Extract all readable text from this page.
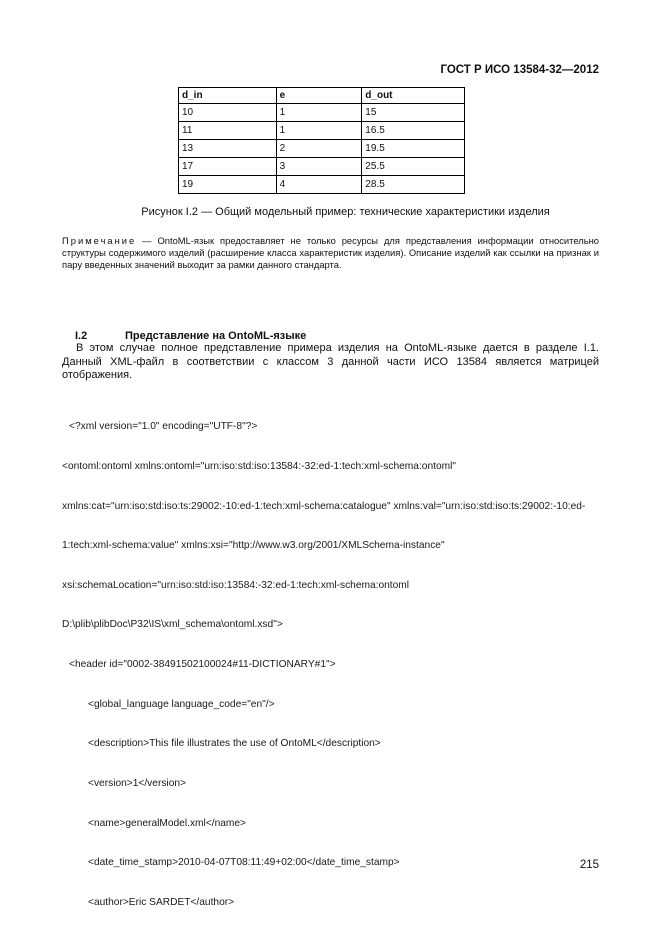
ГОСТ Р ИСО 13584-32—2012
d_in	e	d_out
10	1	15
11	1	16.5
13	2	19.5
17	3	25.5
19	4	28.5
Рисунок I.2 — Общий модельный пример: технические характеристики изделия
Примечание — OntoML-язык предоставляет не только ресурсы для представления информации относительно структуры содержимого изделий (расширение класса характеристик изделия). Описание изделий как ссылки на признак и пару введенных значений выходит за рамки данного стандарта.
I.2	Представление на OntoML-языке
В этом случае полное представление примера изделия на OntoML-языке дается в разделе I.1. Данный XML-файл в соответствии с классом 3 данной части ИСО 13584 является матрицей отображения.

<?xml version="1.0" encoding="UTF-8"?>

<ontoml:ontoml xmlns:ontoml="urn:iso:std:iso:13584:-32:ed-1:tech:xml-schema:ontoml"

xmlns:cat="urn:iso:std:iso:ts:29002:-10:ed-1:tech:xml-schema:catalogue" xmlns:val="urn:iso:std:iso:ts:29002:-10:ed-

1:tech:xml-schema:value" xmlns:xsi="http://www.w3.org/2001/XMLSchema-instance"

xsi:schemaLocation="urn:iso:std:iso:13584:-32:ed-1:tech:xml-schema:ontoml

D:\plib\plibDoc\P32\IS\xml_schema\ontoml.xsd">

<header id="0002-38491502100024#11-DICTIONARY#1">

<global_language language_code="en"/>

<description>This file illustrates the use of OntoML</description>

<version>1</version>

<name>generalModel.xml</name>

<date_time_stamp>2010-04-07T08:11:49+02:00</date_time_stamp>

<author>Eric SARDET</author>

215
